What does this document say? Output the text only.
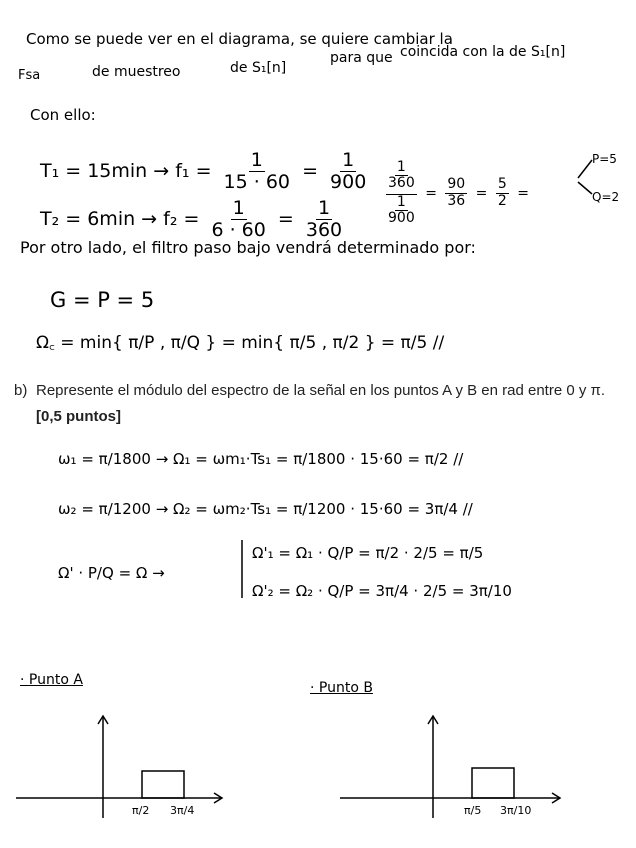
Como se puede ver en el diagrama, se quiere cambiar la
para que coincida con la de S₁[n]
Fsa	de muestreo	de S₁[n]
Con ello:
$T_1 = 15\min \to f_1 = \frac{1}{15 \cdot 60} = \frac{1}{900}$
$T_2 = 6\min \to f_2 = \frac{1}{6 \cdot 60} = \frac{1}{360}$
1
360
1
900
= $\frac{90}{36} = \frac{5}{2}$ =
P=5
Q=2
Por otro lado, el filtro paso bajo vendrá determinado por:
G = P = 5
Ω꜀ = min{ π/P , π/Q } = min{ π/5 , π/2 } = π/5 //
b) Represente el módulo del espectro de la señal en los puntos A y B en rad entre 0 y π. [0,5 puntos]
ω₁ = π/1800 → Ω₁ = ωm₁·Ts₁ = π/1800 · 15·60 = π/2 //
ω₂ = π/1200 → Ω₂ = ωm₂·Ts₁ = π/1200 · 15·60 = 3π/4 //
Ω' · P/Q = Ω →
Ω'₁ = Ω₁ · Q/P = π/2 · 2/5 = π/5
Ω'₂ = Ω₂ · Q/P = 3π/4 · 2/5 = 3π/10
· Punto A	· Punto B
π/2 3π/4	π/5 3π/10
